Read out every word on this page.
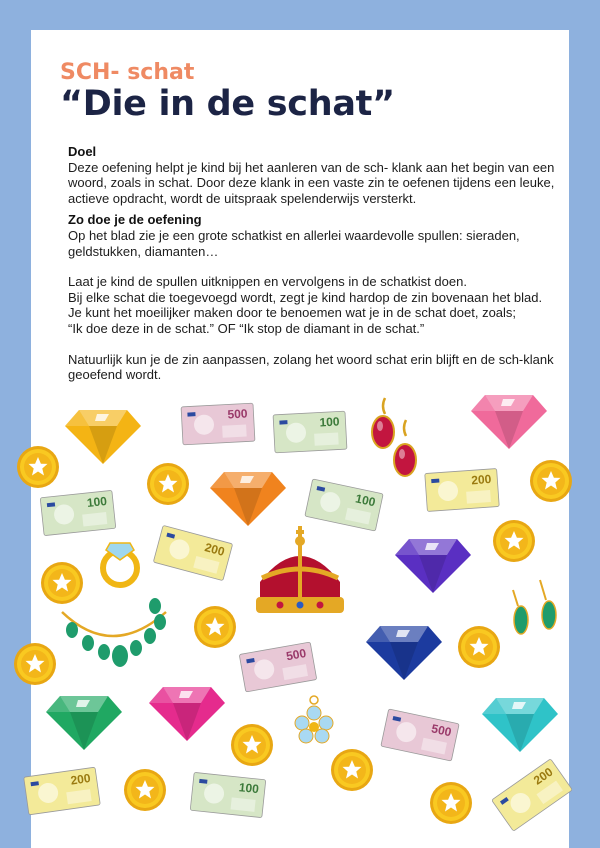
SCH- schat
“Die in de schat”
Doel

Deze oefening helpt je kind bij het aanleren van de sch- klank aan het begin van een woord, zoals in schat. Door deze klank in een vaste zin te oefenen tijdens een leuke, actieve opdracht, wordt de uitspraak spelenderwijs versterkt.

Zo doe je de oefening

Op het blad zie je een grote schatkist en allerlei waardevolle spullen: sieraden, geldstukken, diamanten…

Laat je kind de spullen uitknippen en vervolgens in de schatkist doen.

Bij elke schat die toegevoegd wordt, zegt je kind hardop de zin bovenaan het blad.

Je kunt het moeilijker maken door te benoemen wat je in de schat doet, zoals;

“Ik doe deze in de schat.” OF “Ik stop de diamant in de schat.”

Natuurlijk kun je de zin aanpassen, zolang het woord schat erin blijft en de sch-klank geoefend wordt.

500
100
200
100	100
200
500
500
200
100
200
